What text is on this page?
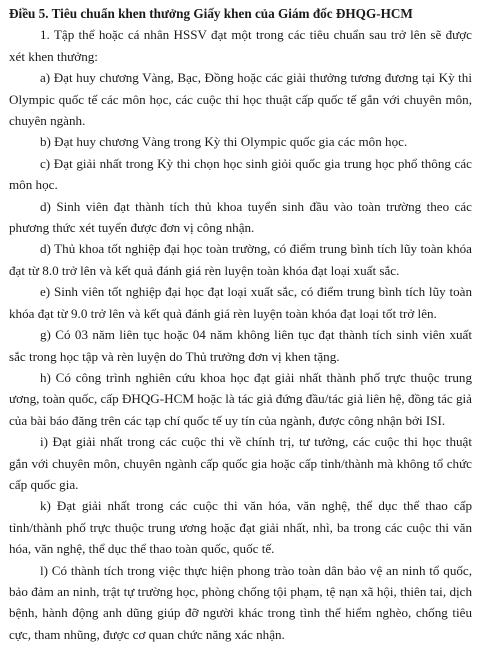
Điều 5. Tiêu chuẩn khen thưởng Giấy khen của Giám đốc ĐHQG-HCM
1. Tập thể hoặc cá nhân HSSV đạt một trong các tiêu chuẩn sau trở lên sẽ được xét khen thưởng:
a) Đạt huy chương Vàng, Bạc, Đồng hoặc các giải thưởng tương đương tại Kỳ thi Olympic quốc tế các môn học, các cuộc thi học thuật cấp quốc tế gắn với chuyên môn, chuyên ngành.
b) Đạt huy chương Vàng trong Kỳ thi Olympic quốc gia các môn học.
c) Đạt giải nhất trong Kỳ thi chọn học sinh giỏi quốc gia trung học phổ thông các môn học.
d) Sinh viên đạt thành tích thủ khoa tuyển sinh đầu vào toàn trường theo các phương thức xét tuyển được đơn vị công nhận.
d) Thủ khoa tốt nghiệp đại học toàn trường, có điểm trung bình tích lũy toàn khóa đạt từ 8.0 trở lên và kết quả đánh giá rèn luyện toàn khóa đạt loại xuất sắc.
e) Sinh viên tốt nghiệp đại học đạt loại xuất sắc, có điểm trung bình tích lũy toàn khóa đạt từ 9.0 trở lên và kết quả đánh giá rèn luyện toàn khóa đạt loại tốt trở lên.
g) Có 03 năm liên tục hoặc 04 năm không liên tục đạt thành tích sinh viên xuất sắc trong học tập và rèn luyện do Thủ trưởng đơn vị khen tặng.
h) Có công trình nghiên cứu khoa học đạt giải nhất thành phố trực thuộc trung ương, toàn quốc, cấp ĐHQG-HCM hoặc là tác giả đứng đầu/tác giả liên hệ, đồng tác giả của bài báo đăng trên các tạp chí quốc tế uy tín của ngành, được công nhận bởi ISI.
i) Đạt giải nhất trong các cuộc thi về chính trị, tư tưởng, các cuộc thi học thuật gắn với chuyên môn, chuyên ngành cấp quốc gia hoặc cấp tỉnh/thành mà không tổ chức cấp quốc gia.
k) Đạt giải nhất trong các cuộc thi văn hóa, văn nghệ, thể dục thể thao cấp tỉnh/thành phố trực thuộc trung ương hoặc đạt giải nhất, nhì, ba trong các cuộc thi văn hóa, văn nghệ, thể dục thể thao toàn quốc, quốc tế.
l) Có thành tích trong việc thực hiện phong trào toàn dân bảo vệ an ninh tổ quốc, bảo đảm an ninh, trật tự trường học, phòng chống tội phạm, tệ nạn xã hội, thiên tai, dịch bệnh, hành động anh dũng giúp đỡ người khác trong tình thế hiểm nghèo, chống tiêu cực, tham nhũng, được cơ quan chức năng xác nhận.
